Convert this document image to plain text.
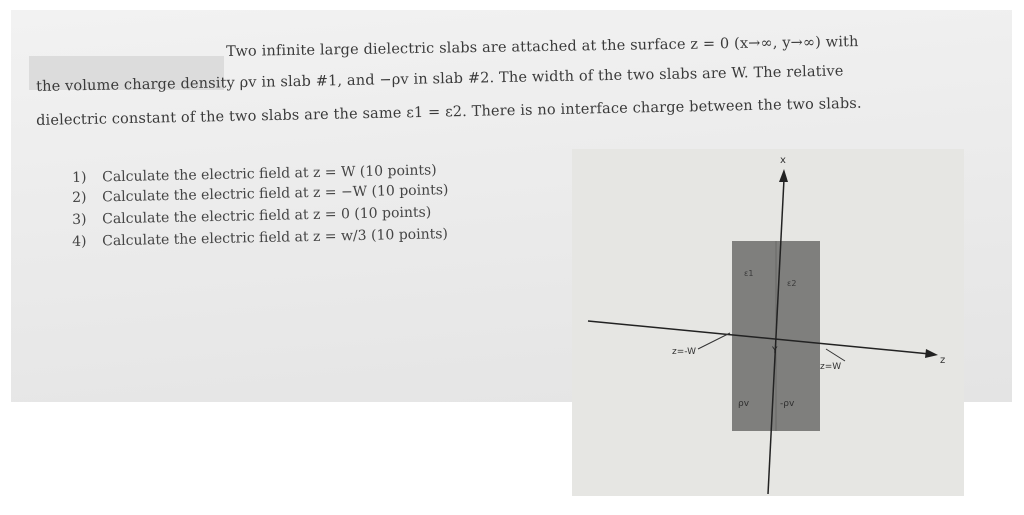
Two infinite large dielectric slabs are attached at the surface z = 0 (x→∞, y→∞) with
the volume charge density ρv in slab #1, and −ρv in slab #2. The width of the two slabs are W. The relative
dielectric constant of the two slabs are the same ε1 = ε2. There is no interface charge between the two slabs.
1) Calculate the electric field at z = W (10 points)
2) Calculate the electric field at z = −W (10 points)
3) Calculate the electric field at z = 0 (10 points)
4) Calculate the electric field at z = w/3 (10 points)
x
z
z=-W
z=W
Y
ε1
ε2
ρv	-ρv
